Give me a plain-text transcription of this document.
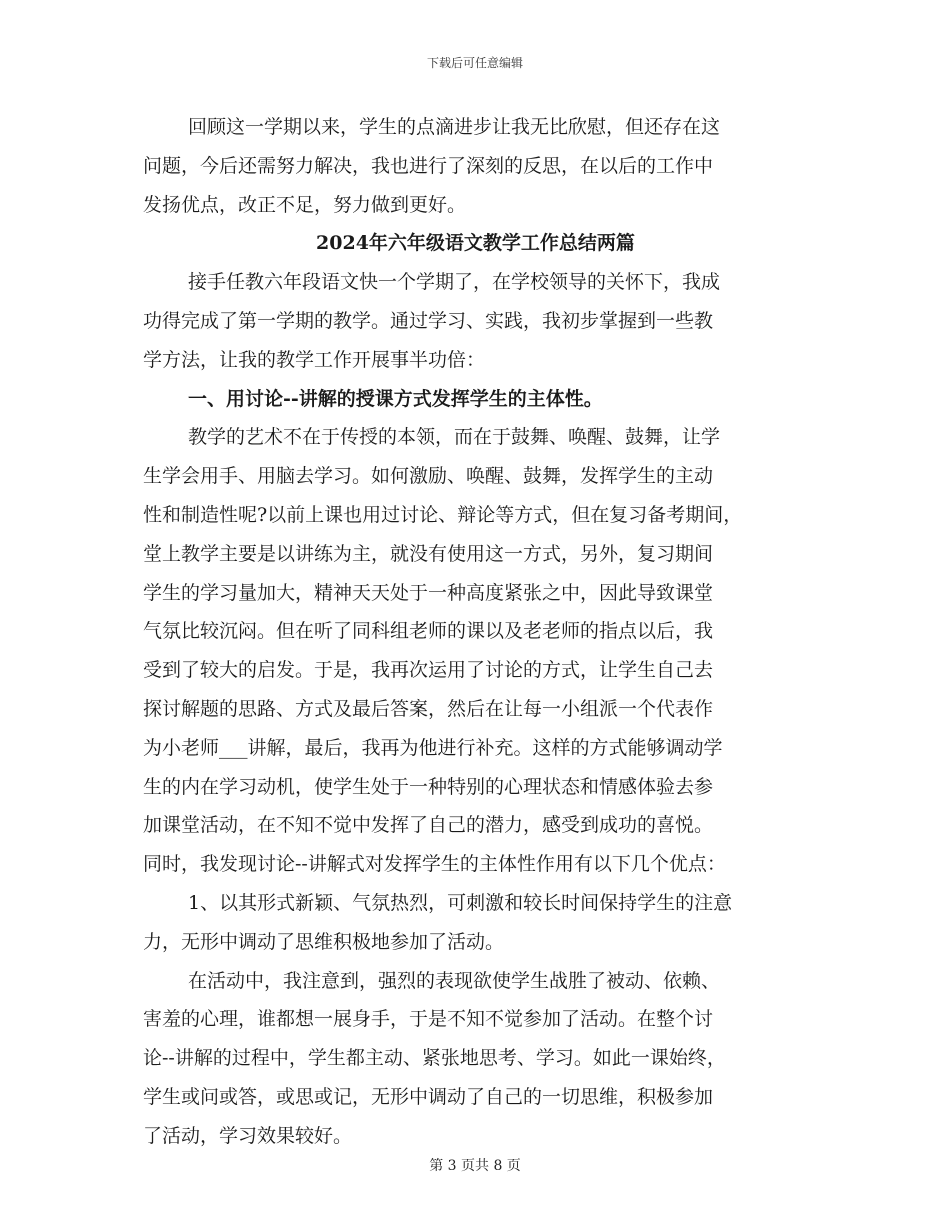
下载后可任意编辑
回顾这一学期以来，学生的点滴进步让我无比欣慰，但还存在这
问题，今后还需努力解决，我也进行了深刻的反思，在以后的工作中
发扬优点，改正不足，努力做到更好。
2024年六年级语文教学工作总结两篇
接手任教六年段语文快一个学期了，在学校领导的关怀下，我成
功得完成了第一学期的教学。通过学习、实践，我初步掌握到一些教
学方法，让我的教学工作开展事半功倍：
一、用讨论--讲解的授课方式发挥学生的主体性。
教学的艺术不在于传授的本领，而在于鼓舞、唤醒、鼓舞，让学
生学会用手、用脑去学习。如何激励、唤醒、鼓舞，发挥学生的主动
性和制造性呢?以前上课也用过讨论、辩论等方式，但在复习备考期间，
堂上教学主要是以讲练为主，就没有使用这一方式，另外，复习期间
学生的学习量加大，精神天天处于一种高度紧张之中，因此导致课堂
气氛比较沉闷。但在听了同科组老师的课以及老老师的指点以后，我
受到了较大的启发。于是，我再次运用了讨论的方式，让学生自己去
探讨解题的思路、方式及最后答案，然后在让每一小组派一个代表作
为小老师___讲解，最后，我再为他进行补充。这样的方式能够调动学
生的内在学习动机，使学生处于一种特别的心理状态和情感体验去参
加课堂活动，在不知不觉中发挥了自己的潜力，感受到成功的喜悦。
同时，我发现讨论--讲解式对发挥学生的主体性作用有以下几个优点：
1、以其形式新颖、气氛热烈，可刺激和较长时间保持学生的注意
力，无形中调动了思维积极地参加了活动。
在活动中，我注意到，强烈的表现欲使学生战胜了被动、依赖、
害羞的心理，谁都想一展身手，于是不知不觉参加了活动。在整个讨
论--讲解的过程中，学生都主动、紧张地思考、学习。如此一课始终，
学生或问或答，或思或记，无形中调动了自己的一切思维，积极参加
了活动，学习效果较好。
第 3 页共 8 页
